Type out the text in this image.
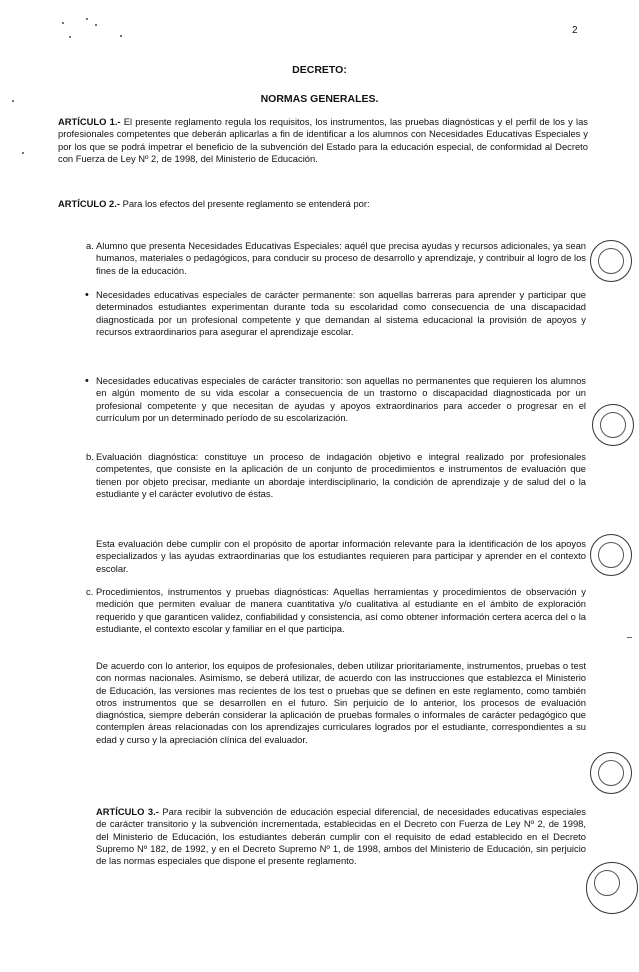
2
DECRETO:
NORMAS GENERALES.

ARTÍCULO 1.- El presente reglamento regula los requisitos, los instrumentos, las pruebas diagnósticas y el perfil de los y las profesionales competentes que deberán aplicarlas a fin de identificar a los alumnos con Necesidades Educativas Especiales y por los que se podrá impetrar el beneficio de la subvención del Estado para la educación especial, de conformidad al Decreto con Fuerza de Ley Nº 2, de 1998, del Ministerio de Educación.

ARTÍCULO 2.- Para los efectos del presente reglamento se entenderá por:

a. Alumno que presenta Necesidades Educativas Especiales: aquél que precisa ayudas y recursos adicionales, ya sean humanos, materiales o pedagógicos, para conducir su proceso de desarrollo y aprendizaje, y contribuir al logro de los fines de la educación.

• Necesidades educativas especiales de carácter permanente: son aquellas barreras para aprender y participar que determinados estudiantes experimentan durante toda su escolaridad como consecuencia de una discapacidad diagnosticada por un profesional competente y que demandan al sistema educacional la provisión de apoyos y recursos extraordinarios para asegurar el aprendizaje escolar.

• Necesidades educativas especiales de carácter transitorio: son aquellas no permanentes que requieren los alumnos en algún momento de su vida escolar a consecuencia de un trastorno o discapacidad diagnosticada por un profesional competente y que necesitan de ayudas y apoyos extraordinarios para acceder o progresar en el currículum por un determinado período de su escolarización.

b. Evaluación diagnóstica: constituye un proceso de indagación objetivo e integral realizado por profesionales competentes, que consiste en la aplicación de un conjunto de procedimientos e instrumentos de evaluación que tienen por objeto precisar, mediante un abordaje interdisciplinario, la condición de aprendizaje y de salud del o la estudiante y el carácter evolutivo de éstas.

Esta evaluación debe cumplir con el propósito de aportar información relevante para la identificación de los apoyos especializados y las ayudas extraordinarias que los estudiantes requieren para participar y aprender en el contexto escolar.

c. Procedimientos, instrumentos y pruebas diagnósticas: Aquellas herramientas y procedimientos de observación y medición que permiten evaluar de manera cuantitativa y/o cualitativa al estudiante en el ámbito de exploración requerido y que garanticen validez, confiabilidad y consistencia, así como obtener información certera acerca del o la estudiante, el contexto escolar y familiar en el que participa.

De acuerdo con lo anterior, los equipos de profesionales, deben utilizar prioritariamente, instrumentos, pruebas o test con normas nacionales. Asimismo, se deberá utilizar, de acuerdo con las instrucciones que establezca el Ministerio de Educación, las versiones mas recientes de los test o pruebas que se definen en este reglamento, como también otros instrumentos que se desarrollen en el futuro. Sin perjuicio de lo anterior, los procesos de evaluación diagnóstica, siempre deberán considerar la aplicación de pruebas formales o informales de carácter pedagógico que contemplen áreas relacionadas con los aprendizajes curriculares logrados por el estudiante, correspondientes a su edad y curso y la apreciación clínica del evaluador.

ARTÍCULO 3.- Para recibir la subvención de educación especial diferencial, de necesidades educativas especiales de carácter transitorio y la subvención incrementada, establecidas en el Decreto con Fuerza de Ley Nº 2, de 1998, del Ministerio de Educación, los estudiantes deberán cumplir con el requisito de edad establecido en el Decreto Supremo Nº 182, de 1992, y en el Decreto Supremo Nº 1, de 1998, ambos del Ministerio de Educación, sin perjuicio de las normas especiales que dispone el presente reglamento.
